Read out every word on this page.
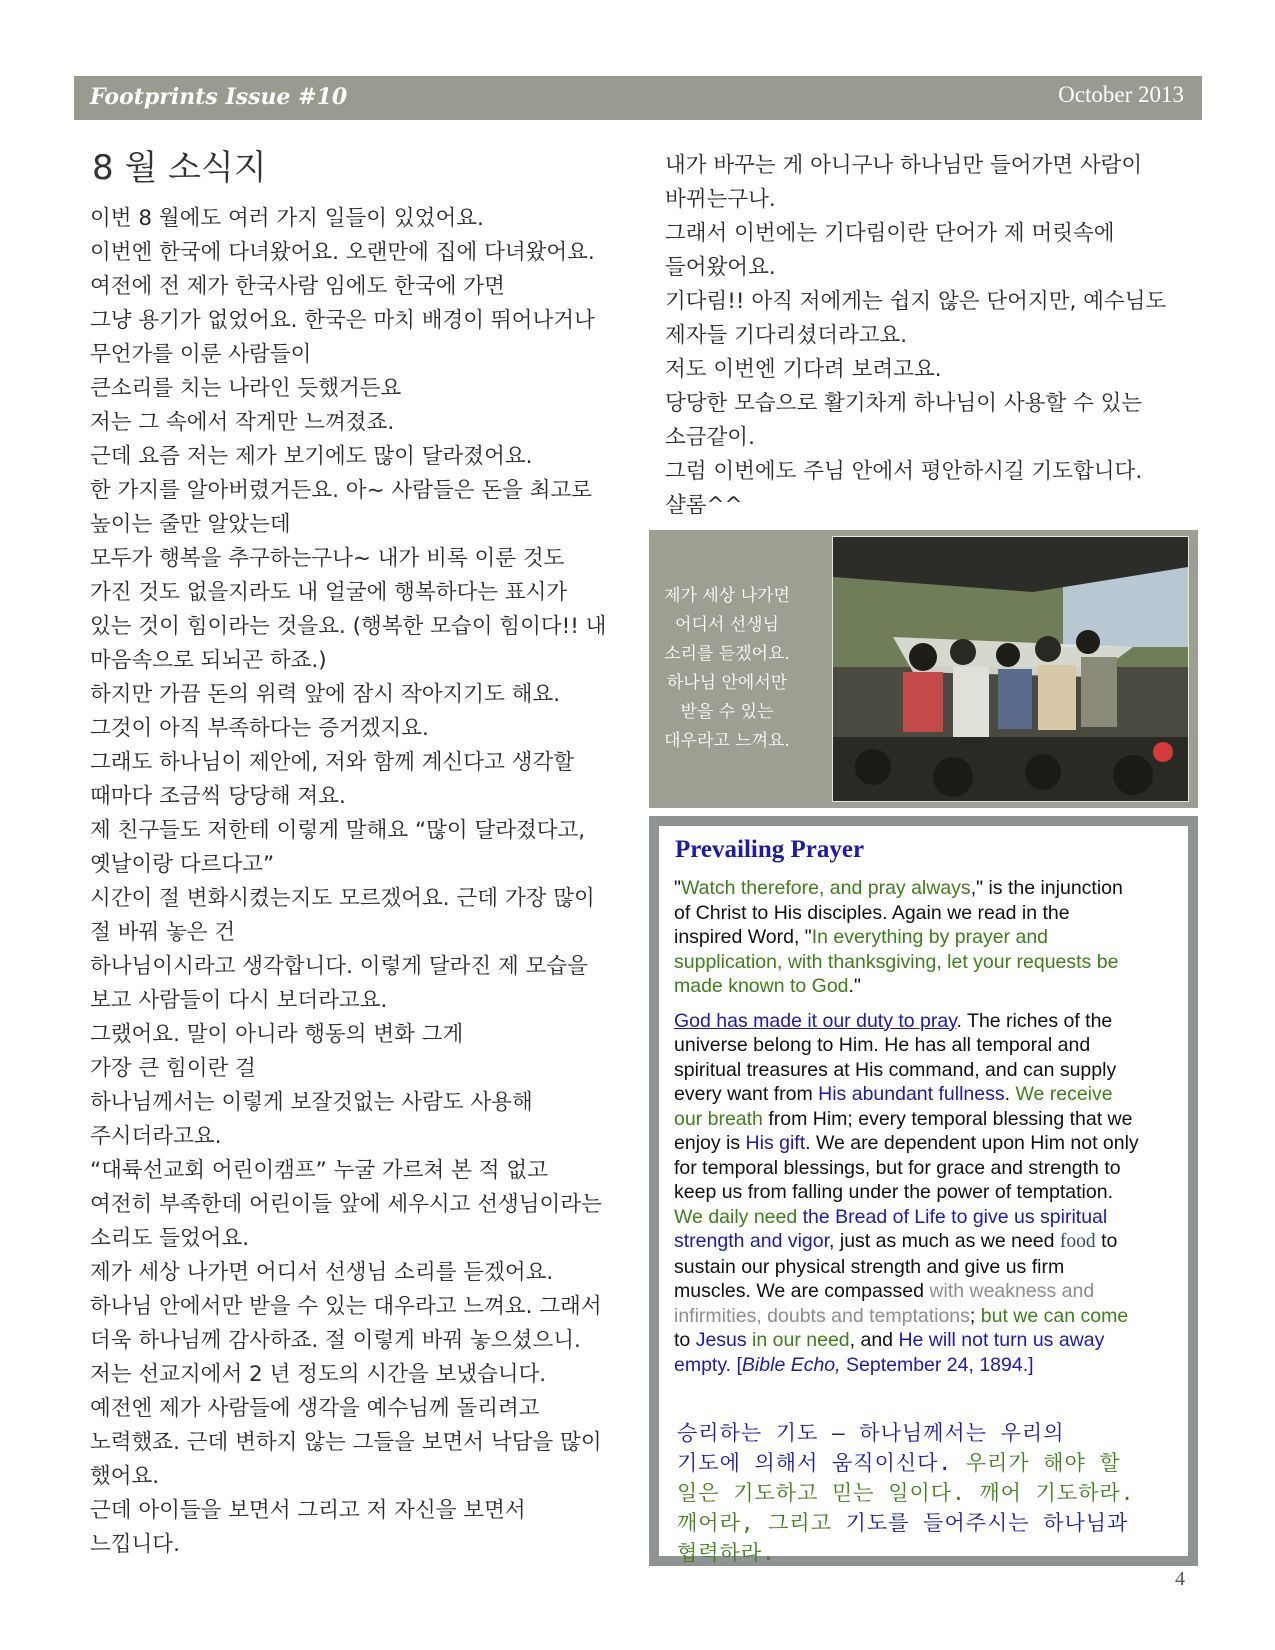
Footprints Issue #10	October 2013
8 월 소식지
이번 8 월에도 여러 가지 일들이 있었어요.
이번엔 한국에 다녀왔어요. 오랜만에 집에 다녀왔어요.
여전에 전 제가 한국사람 임에도 한국에 가면
그냥 용기가 없었어요. 한국은 마치 배경이 뛰어나거나
무언가를 이룬 사람들이
큰소리를 치는 나라인 듯했거든요
저는 그 속에서 작게만 느껴졌죠.
근데 요즘 저는 제가 보기에도 많이 달라졌어요.
한 가지를 알아버렸거든요. 아~ 사람들은 돈을 최고로
높이는 줄만 알았는데
모두가 행복을 추구하는구나~ 내가 비록 이룬 것도
가진 것도 없을지라도 내 얼굴에 행복하다는 표시가
있는 것이 힘이라는 것을요. (행복한 모습이 힘이다!! 내
마음속으로 되뇌곤 하죠.)
하지만 가끔 돈의 위력 앞에 잠시 작아지기도 해요.
그것이 아직 부족하다는 증거겠지요.
그래도 하나님이 제안에, 저와 함께 계신다고 생각할
때마다 조금씩 당당해 져요.
제 친구들도 저한테 이렇게 말해요 “많이 달라졌다고,
옛날이랑 다르다고”
시간이 절 변화시켰는지도 모르겠어요. 근데 가장 많이
절 바꿔 놓은 건
하나님이시라고 생각합니다. 이렇게 달라진 제 모습을
보고 사람들이 다시 보더라고요.
그랬어요. 말이 아니라 행동의 변화 그게
가장 큰 힘이란 걸
하나님께서는 이렇게 보잘것없는 사람도 사용해
주시더라고요.
“대륙선교회 어린이캠프” 누굴 가르쳐 본 적 없고
여전히 부족한데 어린이들 앞에 세우시고 선생님이라는
소리도 들었어요.
제가 세상 나가면 어디서 선생님 소리를 듣겠어요.
하나님 안에서만 받을 수 있는 대우라고 느껴요. 그래서
더욱 하나님께 감사하죠. 절 이렇게 바꿔 놓으셨으니.
저는 선교지에서 2 년 정도의 시간을 보냈습니다.
예전엔 제가 사람들에 생각을 예수님께 돌리려고
노력했죠. 근데 변하지 않는 그들을 보면서 낙담을 많이
했어요.
근데 아이들을 보면서 그리고 저 자신을 보면서
느낍니다.
내가 바꾸는 게 아니구나 하나님만 들어가면 사람이
바뀌는구나.
그래서 이번에는 기다림이란 단어가 제 머릿속에
들어왔어요.
기다림!! 아직 저에게는 쉽지 않은 단어지만, 예수님도
제자들 기다리셨더라고요.
저도 이번엔 기다려 보려고요.
당당한 모습으로 활기차게 하나님이 사용할 수 있는
소금같이.
그럼 이번에도 주님 안에서 평안하시길 기도합니다.
샬롬^^
제가 세상 나가면
어디서 선생님
소리를 듣겠어요.
하나님 안에서만
받을 수 있는
대우라고 느껴요.
Prevailing Prayer
"Watch therefore, and pray always," is the injunction
of Christ to His disciples. Again we read in the
inspired Word, "In everything by prayer and
supplication, with thanksgiving, let your requests be
made known to God."
God has made it our duty to pray. The riches of the
universe belong to Him. He has all temporal and
spiritual treasures at His command, and can supply
every want from His abundant fullness. We receive
our breath from Him; every temporal blessing that we
enjoy is His gift. We are dependent upon Him not only
for temporal blessings, but for grace and strength to
keep us from falling under the power of temptation.
We daily need the Bread of Life to give us spiritual
strength and vigor, just as much as we need food to
sustain our physical strength and give us firm
muscles. We are compassed with weakness and
infirmities, doubts and temptations; but we can come
to Jesus in our need, and He will not turn us away
empty. [Bible Echo, September 24, 1894.]
승리하는 기도 – 하나님께서는 우리의
기도에 의해서 움직이신다. 우리가 해야 할
일은 기도하고 믿는 일이다. 깨어 기도하라.
깨어라, 그리고 기도를 들어주시는 하나님과
협력하라.
4
